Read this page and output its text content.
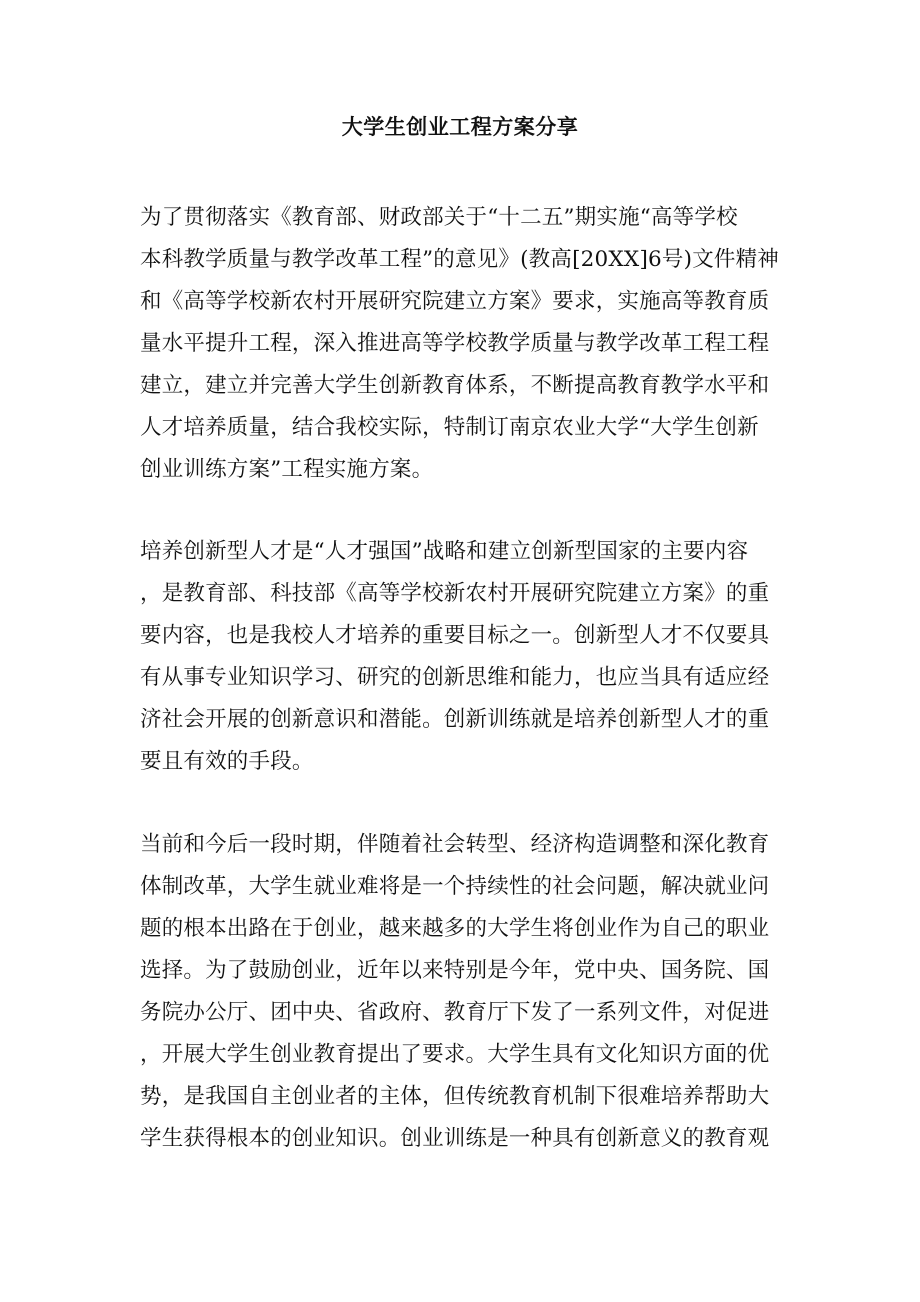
大学生创业工程方案分享
为了贯彻落实《教育部、财政部关于“十二五”期实施“高等学校
本科教学质量与教学改革工程”的意见》(教高[20XX]6号)文件精神
和《高等学校新农村开展研究院建立方案》要求，实施高等教育质
量水平提升工程，深入推进高等学校教学质量与教学改革工程工程
建立，建立并完善大学生创新教育体系，不断提高教育教学水平和
人才培养质量，结合我校实际，特制订南京农业大学“大学生创新
创业训练方案”工程实施方案。
培养创新型人才是“人才强国”战略和建立创新型国家的主要内容
，是教育部、科技部《高等学校新农村开展研究院建立方案》的重
要内容，也是我校人才培养的重要目标之一。创新型人才不仅要具
有从事专业知识学习、研究的创新思维和能力，也应当具有适应经
济社会开展的创新意识和潜能。创新训练就是培养创新型人才的重
要且有效的手段。
当前和今后一段时期，伴随着社会转型、经济构造调整和深化教育
体制改革，大学生就业难将是一个持续性的社会问题，解决就业问
题的根本出路在于创业，越来越多的大学生将创业作为自己的职业
选择。为了鼓励创业，近年以来特别是今年，党中央、国务院、国
务院办公厅、团中央、省政府、教育厅下发了一系列文件，对促进
，开展大学生创业教育提出了要求。大学生具有文化知识方面的优
势，是我国自主创业者的主体，但传统教育机制下很难培养帮助大
学生获得根本的创业知识。创业训练是一种具有创新意义的教育观
